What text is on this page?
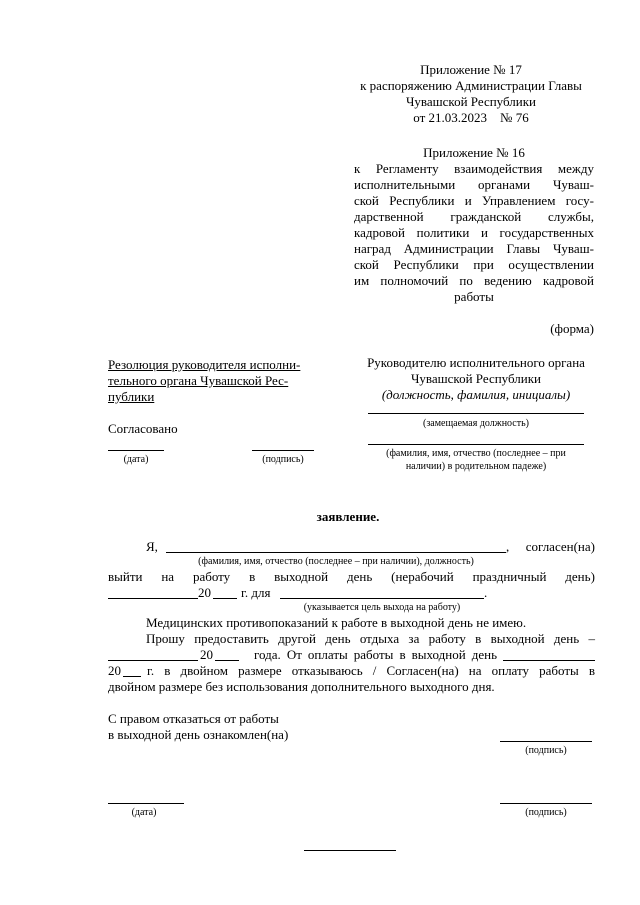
Приложение № 17
к распоряжению Администрации Главы
Чувашской Республики
от 21.03.2023    № 76
Приложение № 16
к Регламенту взаимодействия между
исполнительными органами Чуваш-
ской Республики и Управлением госу-
дарственной гражданской службы,
кадровой политики и государственных
наград Администрации Главы Чуваш-
ской Республики при осуществлении
им полномочий по ведению кадровой
работы
(форма)
Резолюция руководителя исполни-
тельного органа Чувашской Рес-
публики
Согласовано
(дата)	(подпись)
Руководителю исполнительного органа
Чувашской Республики
(должность, фамилия, инициалы)
(замещаемая должность)
(фамилия, имя, отчество (последнее – при
наличии) в родительном падеже)
заявление.
Я,	,	согласен(на)
(фамилия, имя, отчество (последнее – при наличии), должность)
выйти на работу в выходной день (нерабочий праздничный день)
20 г. для	.
(указывается цель выхода на работу)
Медицинских противопоказаний к работе в выходной день не имею.
Прошу предоставить другой день отдыха за работу в выходной день –
20	года. От оплаты работы в выходной день
20 г. в двойном размере отказываюсь / Согласен(на) на оплату работы в
двойном размере без использования дополнительного выходного дня.
С правом отказаться от работы
в выходной день ознакомлен(на)
(подпись)
(дата)	(подпись)
